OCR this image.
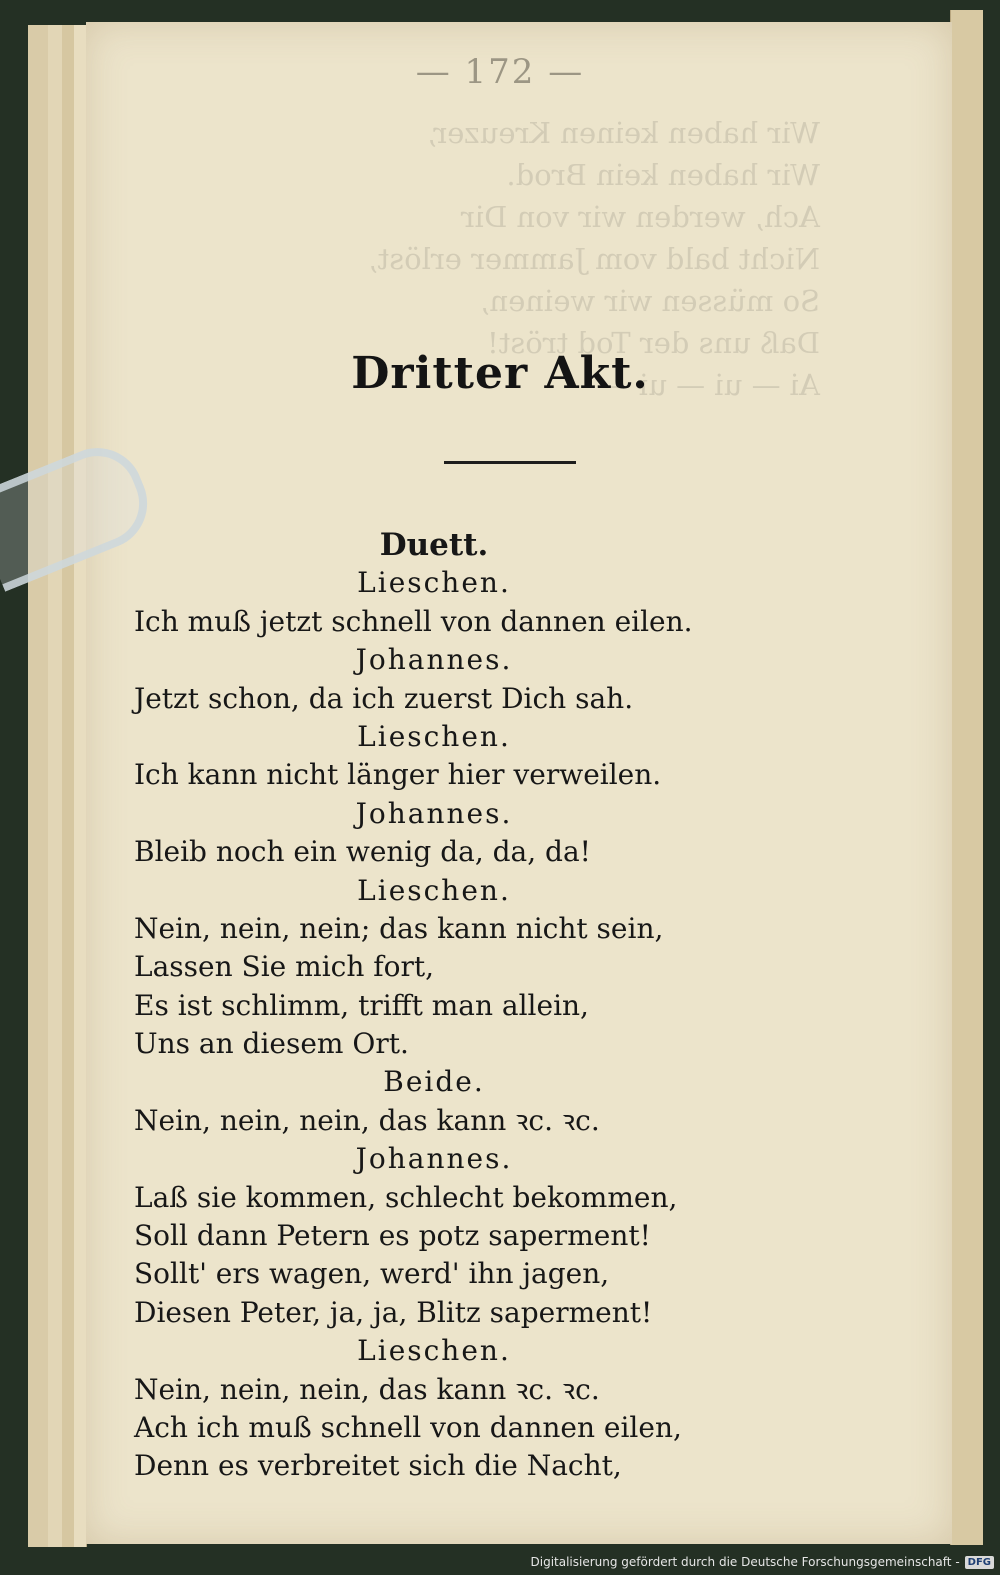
Wir haben keinen Kreuzer,
Wir haben kein Brod.
Ach, werden wir von Dir
Nicht bald vom Jammer erlöst,
So müssen wir weinen,
Daß uns der Tod tröst!
Ai — ui — ui —
— 172 —
Dritter Akt.
Duett.
Lieschen.
Ich muß jetzt schnell von dannen eilen.
Johannes.
Jetzt schon, da ich zuerst Dich sah.
Lieschen.
Ich kann nicht länger hier verweilen.
Johannes.
Bleib noch ein wenig da, da, da!
Lieschen.
Nein, nein, nein; das kann nicht sein,
Lassen Sie mich fort,
Es ist schlimm, trifft man allein,
Uns an diesem Ort.
Beide.
Nein, nein, nein, das kann ꝛc. ꝛc.
Johannes.
Laß sie kommen, schlecht bekommen,
Soll dann Petern es potz saperment!
Sollt' ers wagen, werd' ihn jagen,
Diesen Peter, ja, ja, Blitz saperment!
Lieschen.
Nein, nein, nein, das kann ꝛc. ꝛc.
Ach ich muß schnell von dannen eilen,
Denn es verbreitet sich die Nacht,
Digitalisierung gefördert durch die Deutsche Forschungsgemeinschaft - DFG
